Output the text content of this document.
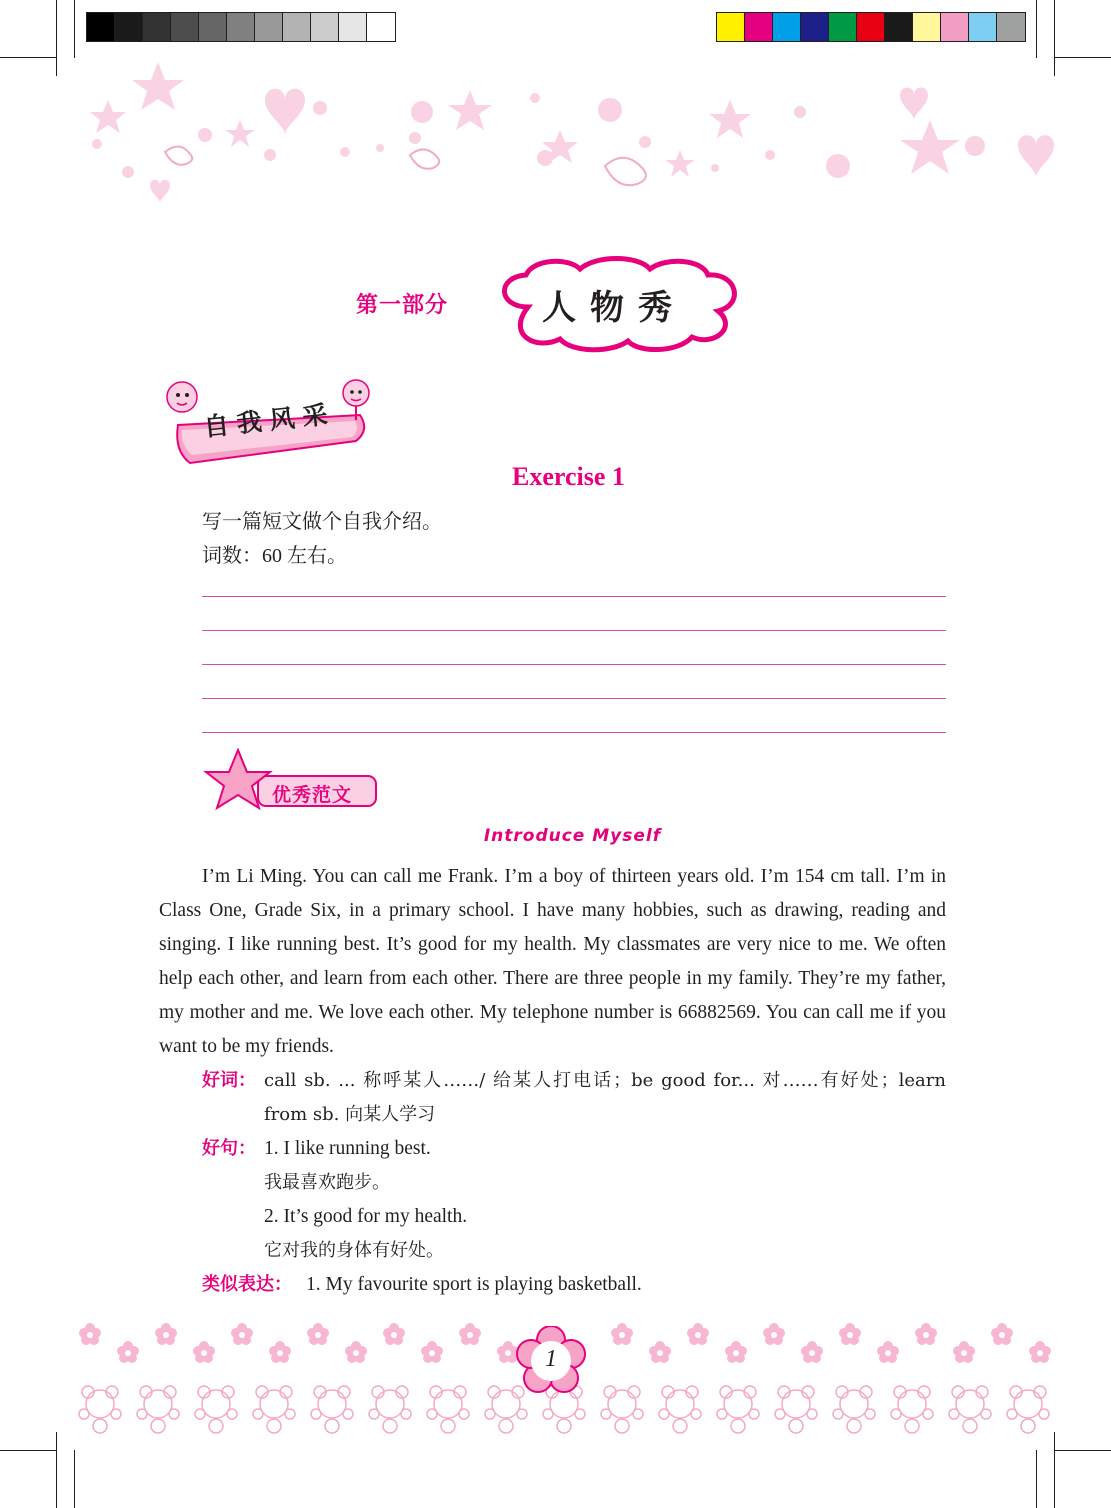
第一部分	人物秀
自我风采
Exercise 1
写一篇短文做个自我介绍。
词数：60 左右。
优秀范文
Introduce Myself
I’m Li Ming. You can call me Frank. I’m a boy of thirteen years old. I’m 154 cm tall. I’m in Class One, Grade Six, in a primary school. I have many hobbies, such as drawing, reading and singing. I like running best. It’s good for my health. My classmates are very nice to me. We often help each other, and learn from each other. There are three people in my family. They’re my father, my mother and me. We love each other. My telephone number is 66882569. You can call me if you want to be my friends.
好词： call sb. ... 称呼某人……/ 给某人打电话；be good for... 对……有好处；learn
from sb. 向某人学习
好句： 1. I like running best.
我最喜欢跑步。
2. It’s good for my health.
它对我的身体有好处。
类似表达： 1. My favourite sport is playing basketball.
1
